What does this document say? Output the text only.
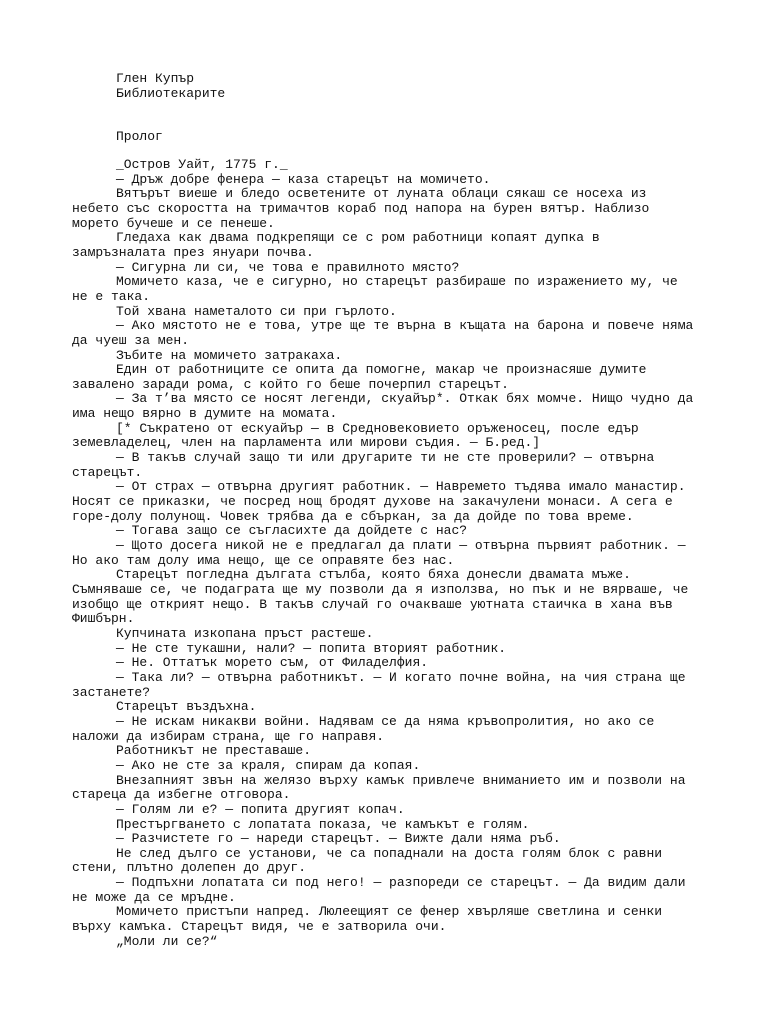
Глен Купър

Библиотекарите

Пролог

_Остров Уайт, 1775 г._

— Дръж добре фенера — каза старецът на момичето.

Вятърът виеше и бледо осветените от луната облаци сякаш се носеха из небето със скоростта на тримачтов кораб под напора на бурен вятър. Наблизо морето бучеше и се пенеше.

Гледаха как двама подкрепящи се с ром работници копаят дупка в замръзналата през януари почва.

— Сигурна ли си, че това е правилното място?

Момичето каза, че е сигурно, но старецът разбираше по изражението му, че не е така.

Той хвана наметалото си при гърлото.

— Ако мястото не е това, утре ще те върна в къщата на барона и повече няма да чуеш за мен.

Зъбите на момичето затракаха.

Един от работниците се опита да помогне, макар че произнасяше думите завалено заради рома, с който го беше почерпил старецът.

— За т’ва място се носят легенди, скуайър*. Откак бях момче. Нищо чудно да има нещо вярно в думите на момата.

[* Съкратено от ескуайър — в Средновековието оръженосец, после едър земевладелец, член на парламента или мирови съдия. — Б.ред.]

— В такъв случай защо ти или другарите ти не сте проверили? — отвърна старецът.

— От страх — отвърна другият работник. — Навремето тъдява имало манастир. Носят се приказки, че посред нощ бродят духове на закачулени монаси. А сега е горе-долу полунощ. Човек трябва да е сбъркан, за да дойде по това време.

— Тогава защо се съгласихте да дойдете с нас?

— Щото досега никой не е предлагал да плати — отвърна първият работник. — Но ако там долу има нещо, ще се оправяте без нас.

Старецът погледна дългата стълба, която бяха донесли двамата мъже. Съмняваше се, че подаграта ще му позволи да я използва, но пък и не вярваше, че изобщо ще открият нещо. В такъв случай го очакваше уютната стаичка в хана във Фишбърн.

Купчината изкопана пръст растеше.

— Не сте тукашни, нали? — попита вторият работник.

— Не. Оттатък морето съм, от Филаделфия.

— Така ли? — отвърна работникът. — И когато почне война, на чия страна ще застанете?

Старецът въздъхна.

— Не искам никакви войни. Надявам се да няма кръвопролития, но ако се наложи да избирам страна, ще го направя.

Работникът не преставаше.

— Ако не сте за краля, спирам да копая.

Внезапният звън на желязо върху камък привлече вниманието им и позволи на стареца да избегне отговора.

— Голям ли е? — попита другият копач.

Престъргването с лопатата показа, че камъкът е голям.

— Разчистете го — нареди старецът. — Вижте дали няма ръб.

Не след дълго се установи, че са попаднали на доста голям блок с равни стени, плътно долепен до друг.

— Подпъхни лопатата си под него! — разпореди се старецът. — Да видим дали не може да се мръдне.

Момичето пристъпи напред. Люлеещият се фенер хвърляше светлина и сенки върху камъка. Старецът видя, че е затворила очи.

„Моли ли се?“
